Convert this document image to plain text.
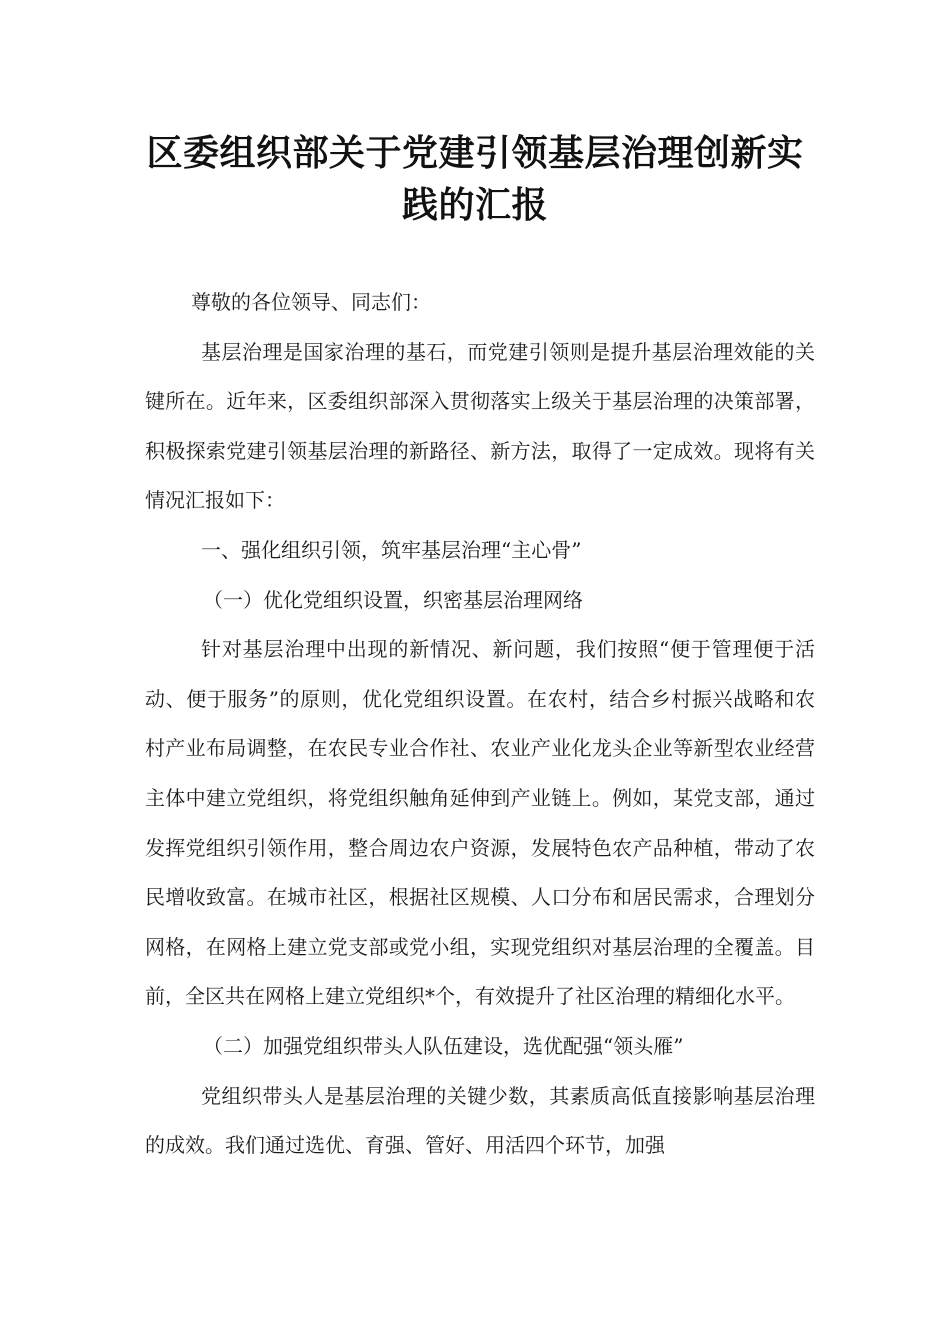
区委组织部关于党建引领基层治理创新实
践的汇报

尊敬的各位领导、同志们：

基层治理是国家治理的基石，而党建引领则是提升基层治理效能的关键所在。近年来，区委组织部深入贯彻落实上级关于基层治理的决策部署，积极探索党建引领基层治理的新路径、新方法，取得了一定成效。现将有关情况汇报如下：

一、强化组织引领，筑牢基层治理“主心骨”

（一）优化党组织设置，织密基层治理网络

针对基层治理中出现的新情况、新问题，我们按照“便于管理便于活动、便于服务”的原则，优化党组织设置。在农村，结合乡村振兴战略和农村产业布局调整，在农民专业合作社、农业产业化龙头企业等新型农业经营主体中建立党组织，将党组织触角延伸到产业链上。例如，某党支部，通过发挥党组织引领作用，整合周边农户资源，发展特色农产品种植，带动了农民增收致富。在城市社区，根据社区规模、人口分布和居民需求，合理划分网格，在网格上建立党支部或党小组，实现党组织对基层治理的全覆盖。目前，全区共在网格上建立党组织*个，有效提升了社区治理的精细化水平。

（二）加强党组织带头人队伍建设，选优配强“领头雁”

党组织带头人是基层治理的关键少数，其素质高低直接影响基层治理的成效。我们通过选优、育强、管好、用活四个环节，加强
